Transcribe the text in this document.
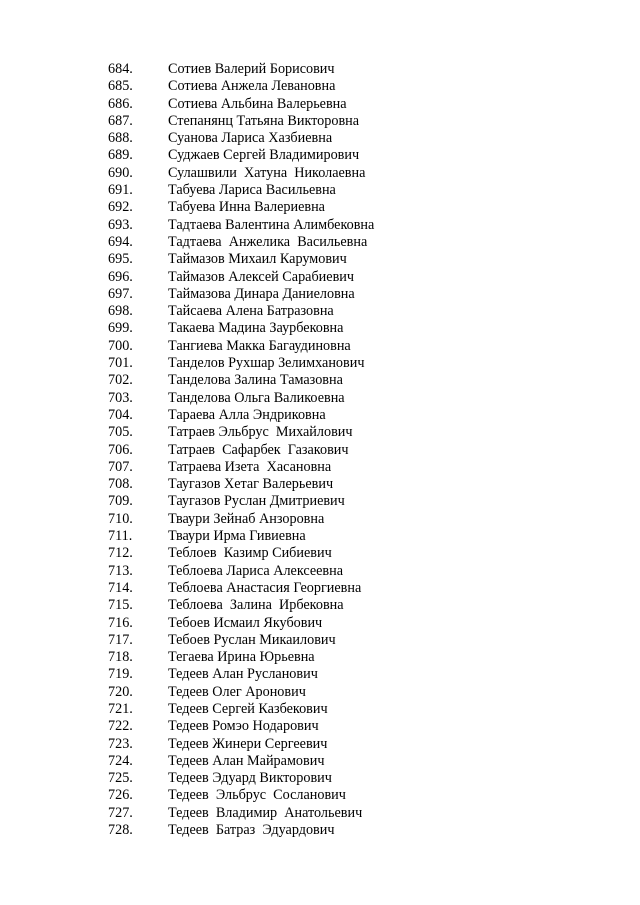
684. Сотиев Валерий Борисович
685. Сотиева Анжела Левановна
686. Сотиева Альбина Валерьевна
687. Степанянц Татьяна Викторовна
688. Суанова Лариса Хазбиевна
689. Суджаев Сергей Владимирович
690. Сулашвили  Хатуна  Николаевна
691. Табуева Лариса Васильевна
692. Табуева Инна Валериевна
693. Тадтаева Валентина Алимбековна
694. Тадтаева  Анжелика  Васильевна
695. Таймазов Михаил Карумович
696. Таймазов Алексей Сарабиевич
697. Таймазова Динара Даниеловна
698. Тайсаева Алена Батразовна
699. Такаева Мадина Заурбековна
700. Тангиева Макка Багаудиновна
701. Танделов Рухшар Зелимханович
702. Танделова Залина Тамазовна
703. Танделова Ольга Валикоевна
704. Тараева Алла Эндриковна
705. Татраев Эльбрус  Михайлович
706. Татраев  Сафарбек  Газакович
707. Татраева Изета  Хасановна
708. Таугазов Хетаг Валерьевич
709. Таугазов Руслан Дмитриевич
710. Тваури Зейнаб Анзоровна
711.	Тваури Ирма Гивиевна
712. Теблоев  Казимр Сибиевич
713. Теблоева Лариса Алексеевна
714. Теблоева Анастасия Георгиевна
715. Теблоева  Залина  Ирбековна
716. Тебоев Исмаил Якубович
717. Тебоев Руслан Микаилович
718. Тегаева Ирина Юрьевна
719. Тедеев Алан Русланович
720. Тедеев Олег Аронович
721. Тедеев Сергей Казбекович
722. Тедеев Ромэо Нодарович
723. Тедеев Жинери Сергеевич
724. Тедеев Алан Майрамович
725. Тедеев Эдуард Викторович
726. Тедеев  Эльбрус  Сосланович
727. Тедеев  Владимир  Анатольевич
728. Тедеев  Батраз  Эдуардович
